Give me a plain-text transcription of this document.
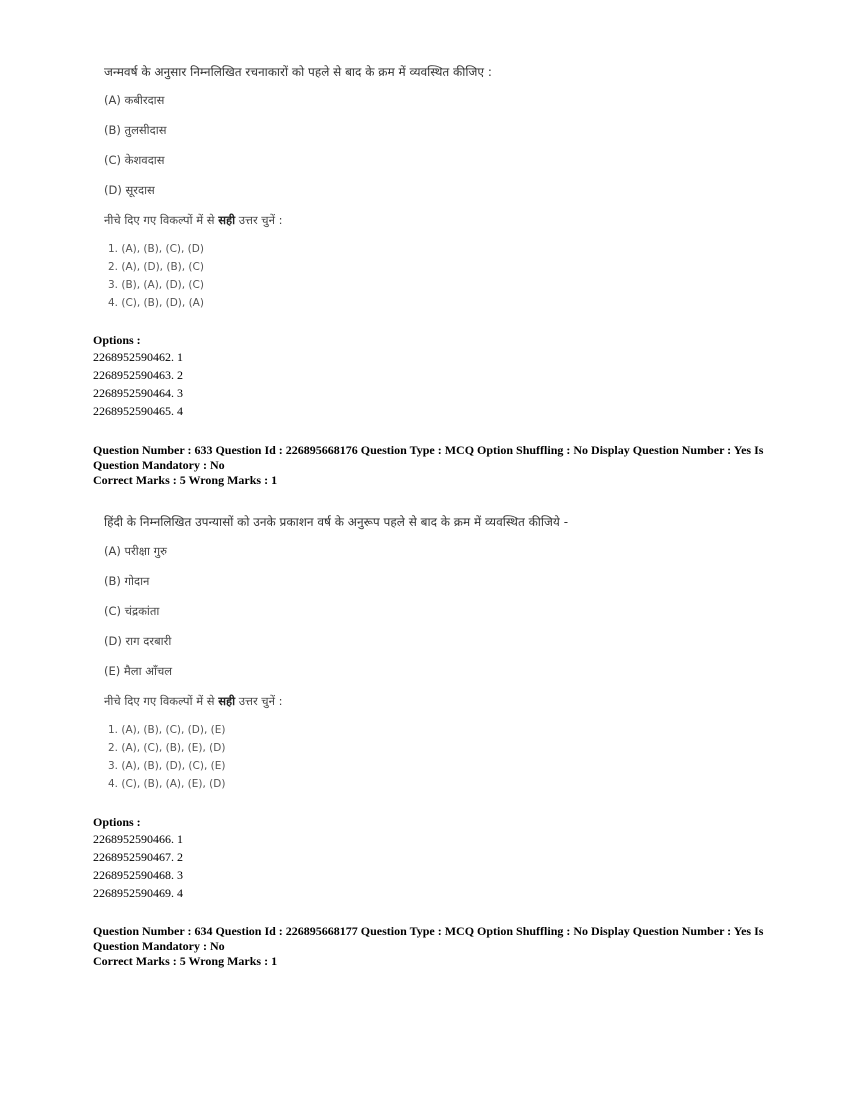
जन्मवर्ष के अनुसार निम्नलिखित रचनाकारों को पहले से बाद के क्रम में व्यवस्थित कीजिए :
(A) कबीरदास
(B) तुलसीदास
(C) केशवदास
(D) सूरदास
नीचे दिए गए विकल्पों में से सही उत्तर चुनें :
1. (A), (B), (C), (D)
2. (A), (D), (B), (C)
3. (B), (A), (D), (C)
4. (C), (B), (D), (A)
Options :
2268952590462. 1
2268952590463. 2
2268952590464. 3
2268952590465. 4
Question Number : 633 Question Id : 226895668176 Question Type : MCQ Option Shuffling : No Display Question Number : Yes Is Question Mandatory : No
Correct Marks : 5 Wrong Marks : 1
हिंदी के निम्नलिखित उपन्यासों को उनके प्रकाशन वर्ष के अनुरूप पहले से बाद के क्रम में व्यवस्थित कीजिये -
(A) परीक्षा गुरु
(B) गोदान
(C) चंद्रकांता
(D) राग दरबारी
(E) मैला आँचल
नीचे दिए गए विकल्पों में से सही उत्तर चुनें :
1. (A), (B), (C), (D), (E)
2. (A), (C), (B), (E), (D)
3. (A), (B), (D), (C), (E)
4. (C), (B), (A), (E), (D)
Options :
2268952590466. 1
2268952590467. 2
2268952590468. 3
2268952590469. 4
Question Number : 634 Question Id : 226895668177 Question Type : MCQ Option Shuffling : No Display Question Number : Yes Is Question Mandatory : No
Correct Marks : 5 Wrong Marks : 1
